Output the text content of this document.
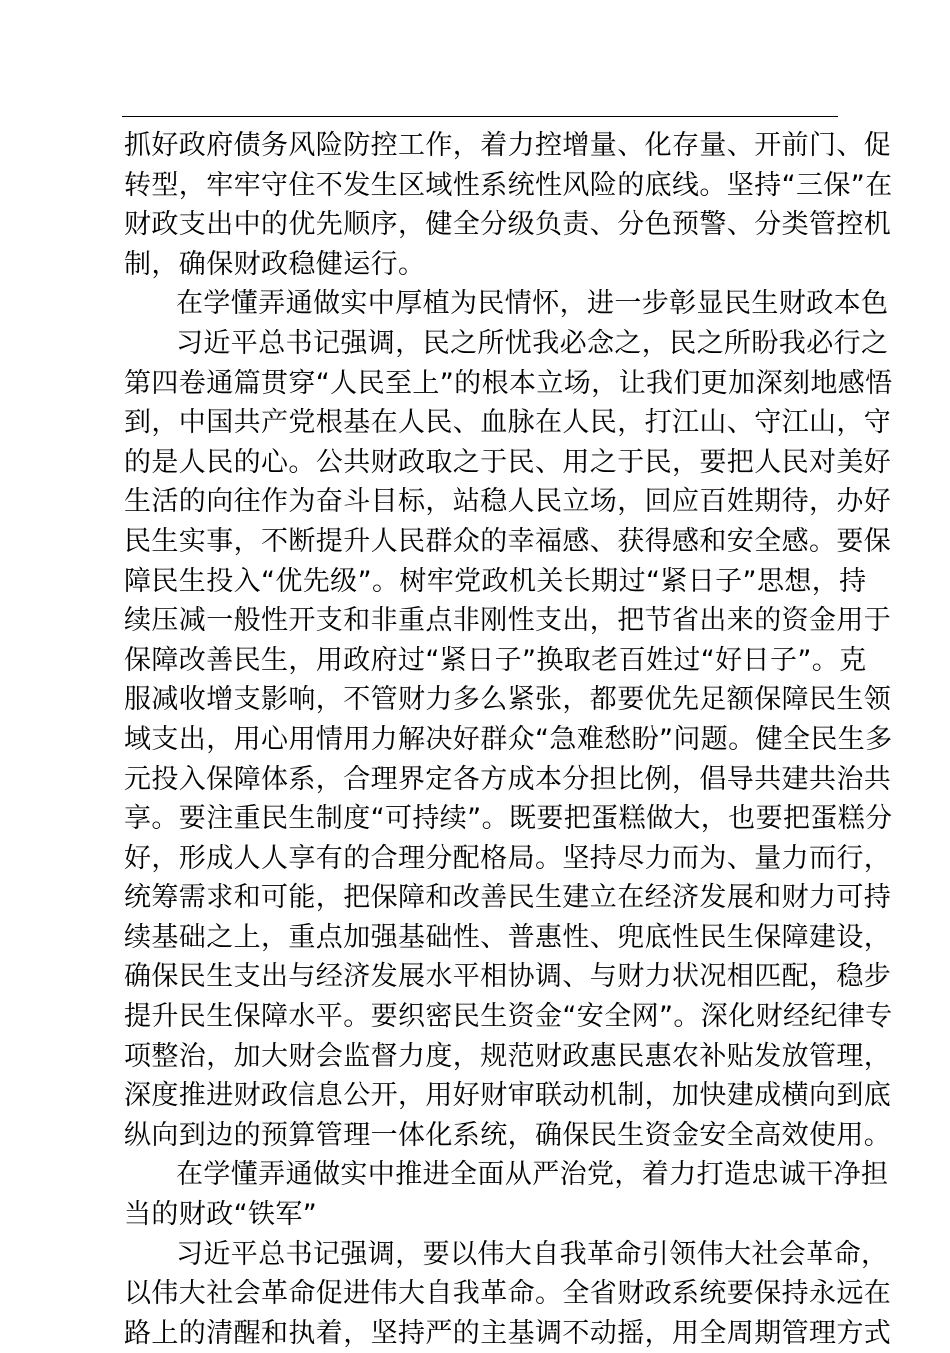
抓好政府债务风险防控工作，着力控增量、化存量、开前门、促
转型，牢牢守住不发生区域性系统性风险的底线。坚持“三保”在
财政支出中的优先顺序，健全分级负责、分色预警、分类管控机
制，确保财政稳健运行。
在学懂弄通做实中厚植为民情怀，进一步彰显民生财政本色
习近平总书记强调，民之所忧我必念之，民之所盼我必行之
第四卷通篇贯穿“人民至上”的根本立场，让我们更加深刻地感悟
到，中国共产党根基在人民、血脉在人民，打江山、守江山，守
的是人民的心。公共财政取之于民、用之于民，要把人民对美好
生活的向往作为奋斗目标，站稳人民立场，回应百姓期待，办好
民生实事，不断提升人民群众的幸福感、获得感和安全感。要保
障民生投入“优先级”。树牢党政机关长期过“紧日子”思想，持
续压减一般性开支和非重点非刚性支出，把节省出来的资金用于
保障改善民生，用政府过“紧日子”换取老百姓过“好日子”。克
服减收增支影响，不管财力多么紧张，都要优先足额保障民生领
域支出，用心用情用力解决好群众“急难愁盼”问题。健全民生多
元投入保障体系，合理界定各方成本分担比例，倡导共建共治共
享。要注重民生制度“可持续”。既要把蛋糕做大，也要把蛋糕分
好，形成人人享有的合理分配格局。坚持尽力而为、量力而行，
统筹需求和可能，把保障和改善民生建立在经济发展和财力可持
续基础之上，重点加强基础性、普惠性、兜底性民生保障建设，
确保民生支出与经济发展水平相协调、与财力状况相匹配，稳步
提升民生保障水平。要织密民生资金“安全网”。深化财经纪律专
项整治，加大财会监督力度，规范财政惠民惠农补贴发放管理，
深度推进财政信息公开，用好财审联动机制，加快建成横向到底
纵向到边的预算管理一体化系统，确保民生资金安全高效使用。
在学懂弄通做实中推进全面从严治党，着力打造忠诚干净担
当的财政“铁军”
习近平总书记强调，要以伟大自我革命引领伟大社会革命，
以伟大社会革命促进伟大自我革命。全省财政系统要保持永远在
路上的清醒和执着，坚持严的主基调不动摇，用全周期管理方式
